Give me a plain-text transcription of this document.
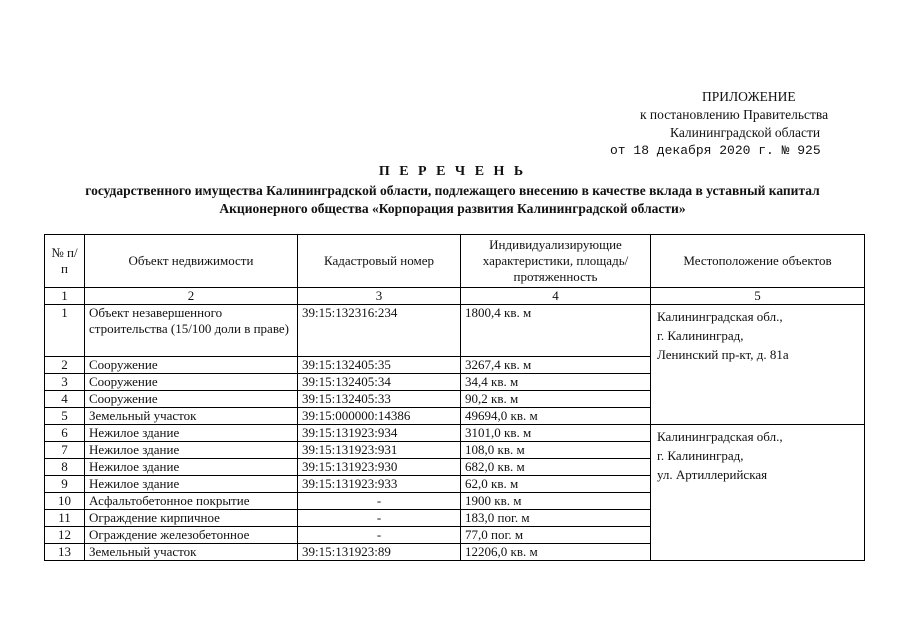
ПРИЛОЖЕНИЕ
к постановлению Правительства
Калининградской области
от 18 декабря 2020 г. № 925
П Е Р Е Ч Е Н Ь
государственного имущества Калининградской области, подлежащего внесению в качестве вклада в уставный капитал Акционерного общества «Корпорация развития Калининградской области»
№ п/п	Объект недвижимости	Кадастровый номер	Индивидуализирующие характеристики, площадь/ протяженность	Местоположение объектов
1	2	3	4	5
1	Объект незавершенного строительства (15/100 доли в праве)	39:15:132316:234	1800,4 кв. м	Калининградская обл.,
г. Калининград,
Ленинский пр-кт, д. 81а

2	Сооружение	39:15:132405:35	3267,4 кв. м	
3	Сооружение	39:15:132405:34	34,4 кв. м	
4	Сооружение	39:15:132405:33	90,2 кв. м	
5	Земельный участок	39:15:000000:14386	49694,0 кв. м	
6	Нежилое здание	39:15:131923:934	3101,0 кв. м	Калининградская обл.,
г. Калининград,
ул. Артиллерийская

7	Нежилое здание	39:15:131923:931	108,0 кв. м	
8	Нежилое здание	39:15:131923:930	682,0 кв. м	
9	Нежилое здание	39:15:131923:933	62,0 кв. м	
10	Асфальтобетонное покрытие	-	1900 кв. м	
11	Ограждение кирпичное	-	183,0 пог. м	
12	Ограждение железобетонное	-	77,0 пог. м	
13	Земельный участок	39:15:131923:89	12206,0 кв. м	
